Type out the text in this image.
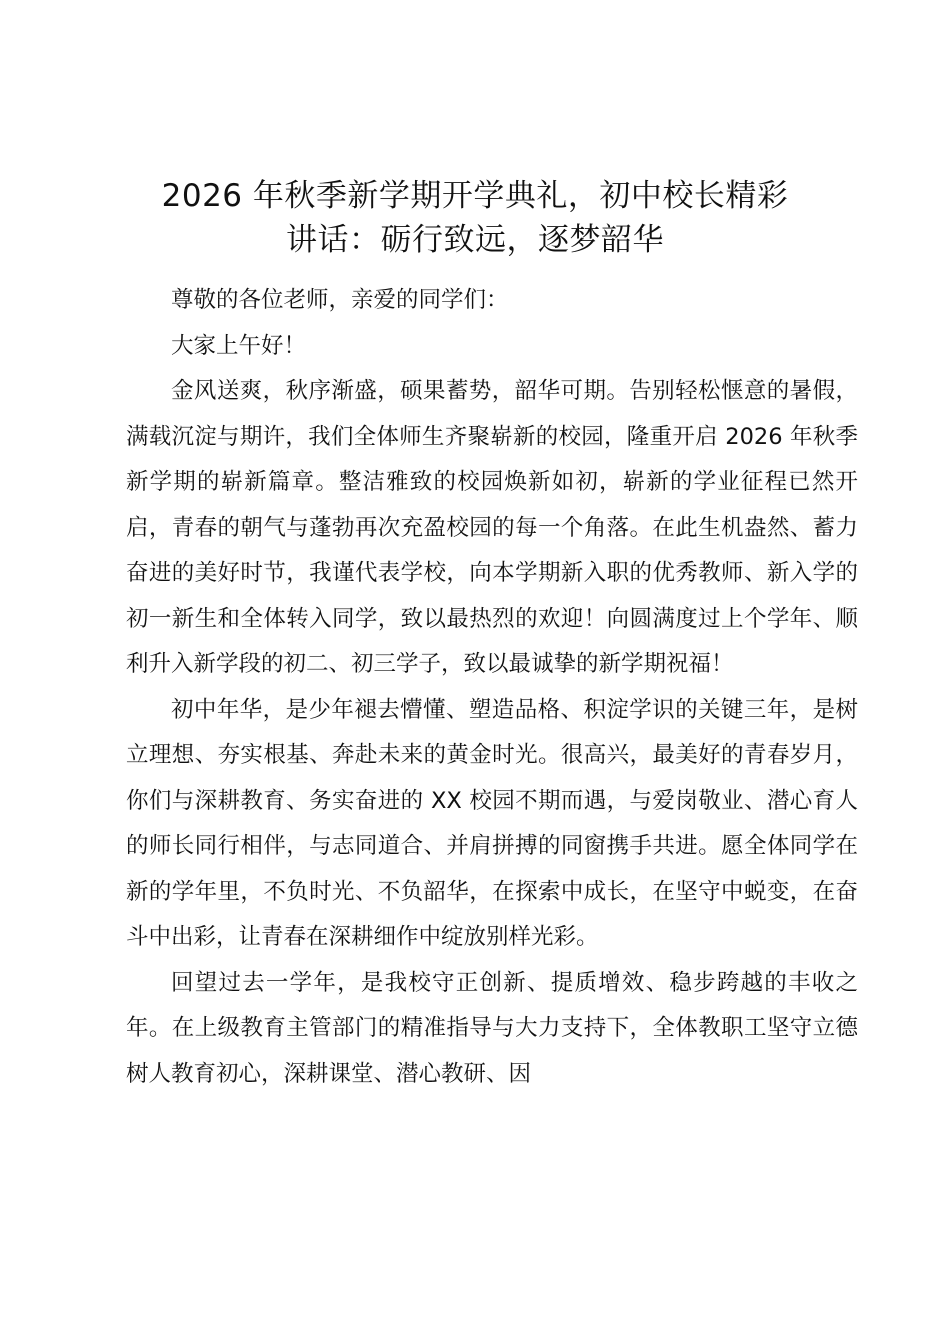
2026 年秋季新学期开学典礼，初中校长精彩
讲话：砺行致远，逐梦韶华

尊敬的各位老师，亲爱的同学们：

大家上午好！

金风送爽，秋序渐盛，硕果蓄势，韶华可期。告别轻松惬意的暑假，满载沉淀与期许，我们全体师生齐聚崭新的校园，隆重开启 2026 年秋季新学期的崭新篇章。整洁雅致的校园焕新如初，崭新的学业征程已然开启，青春的朝气与蓬勃再次充盈校园的每一个角落。在此生机盎然、蓄力奋进的美好时节，我谨代表学校，向本学期新入职的优秀教师、新入学的初一新生和全体转入同学，致以最热烈的欢迎！向圆满度过上个学年、顺利升入新学段的初二、初三学子，致以最诚挚的新学期祝福！

初中年华，是少年褪去懵懂、塑造品格、积淀学识的关键三年，是树立理想、夯实根基、奔赴未来的黄金时光。很高兴，最美好的青春岁月，你们与深耕教育、务实奋进的 XX 校园不期而遇，与爱岗敬业、潜心育人的师长同行相伴，与志同道合、并肩拼搏的同窗携手共进。愿全体同学在新的学年里，不负时光、不负韶华，在探索中成长，在坚守中蜕变，在奋斗中出彩，让青春在深耕细作中绽放别样光彩。

回望过去一学年，是我校守正创新、提质增效、稳步跨越的丰收之年。在上级教育主管部门的精准指导与大力支持下，全体教职工坚守立德树人教育初心，深耕课堂、潜心教研、因
